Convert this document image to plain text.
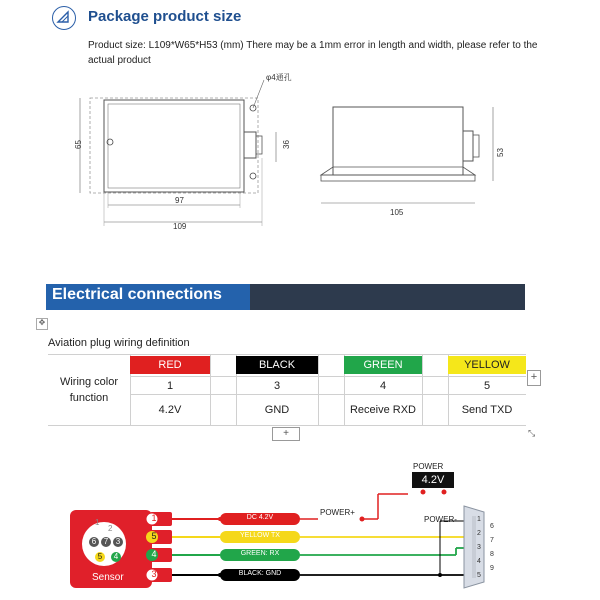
Package product size
Product size: L109*W65*H53 (mm) There may be a 1mm error in length and width, please refer to the actual product
φ4通孔
65	36
97
109
105
53
Electrical connections
✥
Aviation plug wiring definition
Wiring color function
RED	BLACK	GREEN	YELLOW
1	3	4	5
4.2V	GND	Receive RXD	Send TXD
+
+	⤡
POWER
4.2V
POWER+
POWER-
Sensor
1
2
6 7 3
5	4
1
5
4
3
DC 4.2V
YELLOW TX
GREEN: RX
BLACK: GND
1
2
3
4
5
6
7
8
9
